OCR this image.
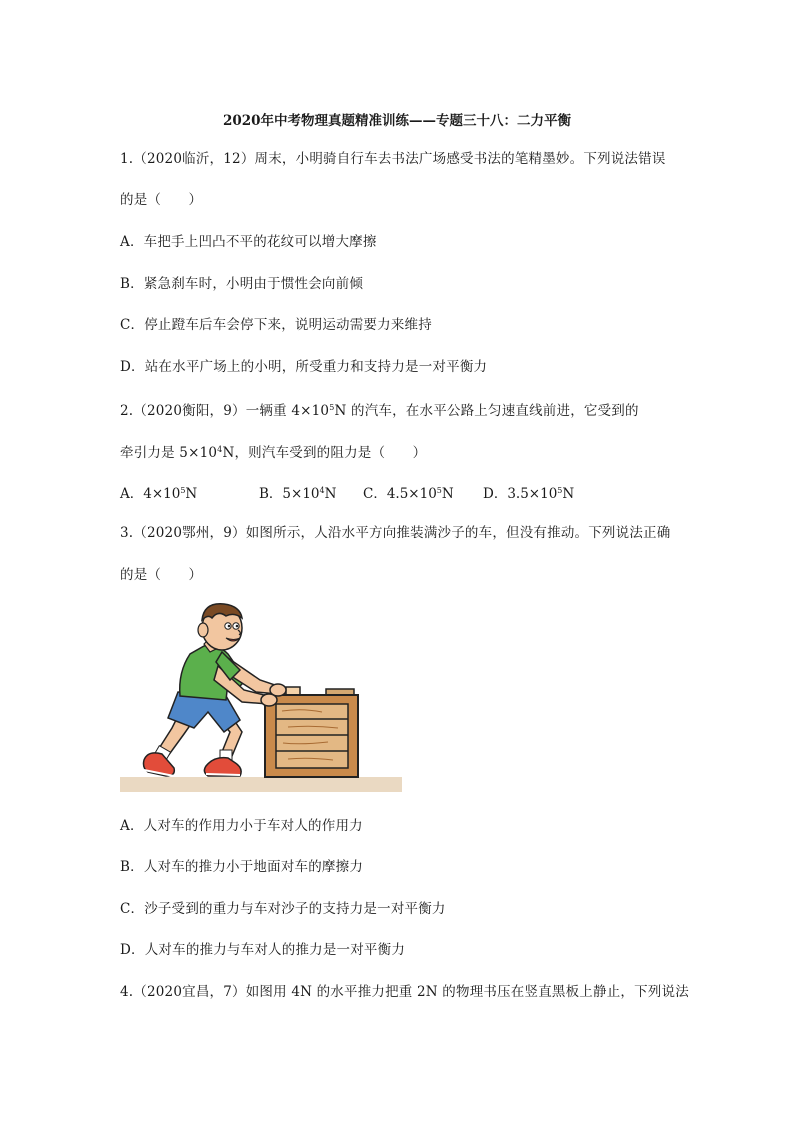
2020年中考物理真题精准训练——专题三十八：二力平衡
1.（2020临沂，12）周末，小明骑自行车去书法广场感受书法的笔精墨妙。下列说法错误
的是（　　）
A．车把手上凹凸不平的花纹可以增大摩擦
B．紧急刹车时，小明由于惯性会向前倾
C．停止蹬车后车会停下来，说明运动需要力来维持
D．站在水平广场上的小明，所受重力和支持力是一对平衡力
2.（2020衡阳，9）一辆重 $4\times 10^5N$ 的汽车，在水平公路上匀速直线前进，它受到的
牵引力是 $5\times 10^4N$，则汽车受到的阻力是（　　）
A．$4\times 10^5N$	B．$5\times 10^4N$ C．$4.5\times 10^5N$ D．$3.5\times 10^5N$
3.（2020鄂州，9）如图所示，人沿水平方向推装满沙子的车，但没有推动。下列说法正确
的是（　　）
A．人对车的作用力小于车对人的作用力
B．人对车的推力小于地面对车的摩擦力
C．沙子受到的重力与车对沙子的支持力是一对平衡力
D．人对车的推力与车对人的推力是一对平衡力
4.（2020宜昌，7）如图用 4N 的水平推力把重 2N 的物理书压在竖直黑板上静止，下列说法
